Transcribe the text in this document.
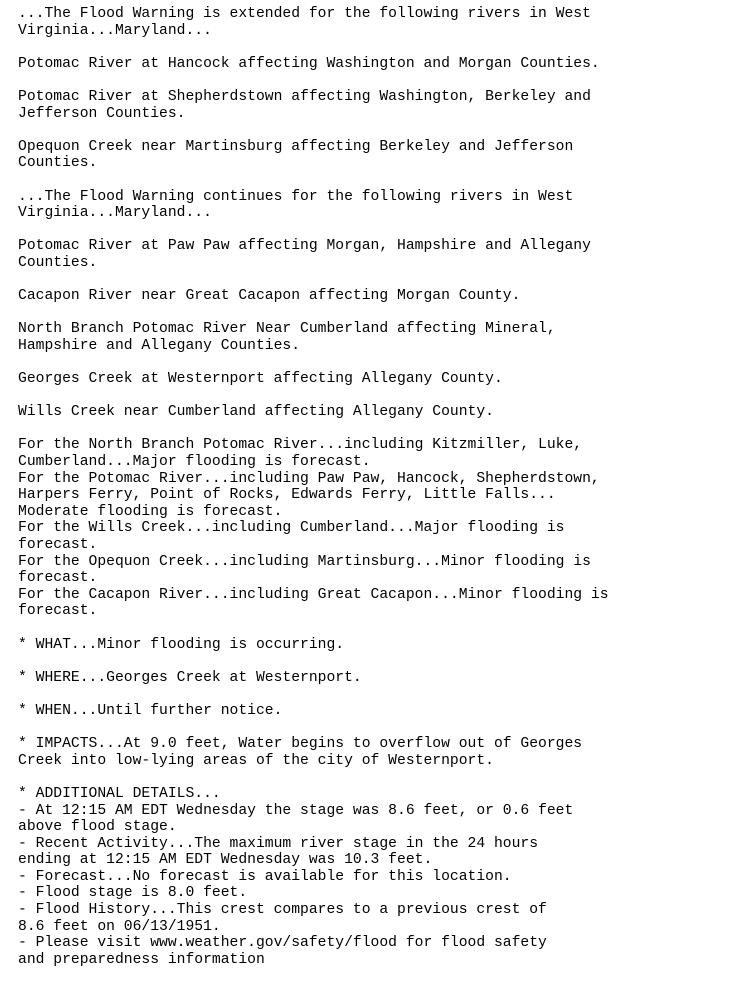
...The Flood Warning is extended for the following rivers in West
Virginia...Maryland...
Potomac River at Hancock affecting Washington and Morgan Counties.
Potomac River at Shepherdstown affecting Washington, Berkeley and
Jefferson Counties.
Opequon Creek near Martinsburg affecting Berkeley and Jefferson
Counties.
...The Flood Warning continues for the following rivers in West
Virginia...Maryland...
Potomac River at Paw Paw affecting Morgan, Hampshire and Allegany
Counties.
Cacapon River near Great Cacapon affecting Morgan County.
North Branch Potomac River Near Cumberland affecting Mineral,
Hampshire and Allegany Counties.
Georges Creek at Westernport affecting Allegany County.
Wills Creek near Cumberland affecting Allegany County.
For the North Branch Potomac River...including Kitzmiller, Luke,
Cumberland...Major flooding is forecast.
For the Potomac River...including Paw Paw, Hancock, Shepherdstown,
Harpers Ferry, Point of Rocks, Edwards Ferry, Little Falls...
Moderate flooding is forecast.
For the Wills Creek...including Cumberland...Major flooding is
forecast.
For the Opequon Creek...including Martinsburg...Minor flooding is
forecast.
For the Cacapon River...including Great Cacapon...Minor flooding is
forecast.
* WHAT...Minor flooding is occurring.
* WHERE...Georges Creek at Westernport.
* WHEN...Until further notice.
* IMPACTS...At 9.0 feet, Water begins to overflow out of Georges
Creek into low-lying areas of the city of Westernport.
* ADDITIONAL DETAILS...
- At 12:15 AM EDT Wednesday the stage was 8.6 feet, or 0.6 feet
above flood stage.
- Recent Activity...The maximum river stage in the 24 hours
ending at 12:15 AM EDT Wednesday was 10.3 feet.
- Forecast...No forecast is available for this location.
- Flood stage is 8.0 feet.
- Flood History...This crest compares to a previous crest of
8.6 feet on 06/13/1951.
- Please visit www.weather.gov/safety/flood for flood safety
and preparedness information
